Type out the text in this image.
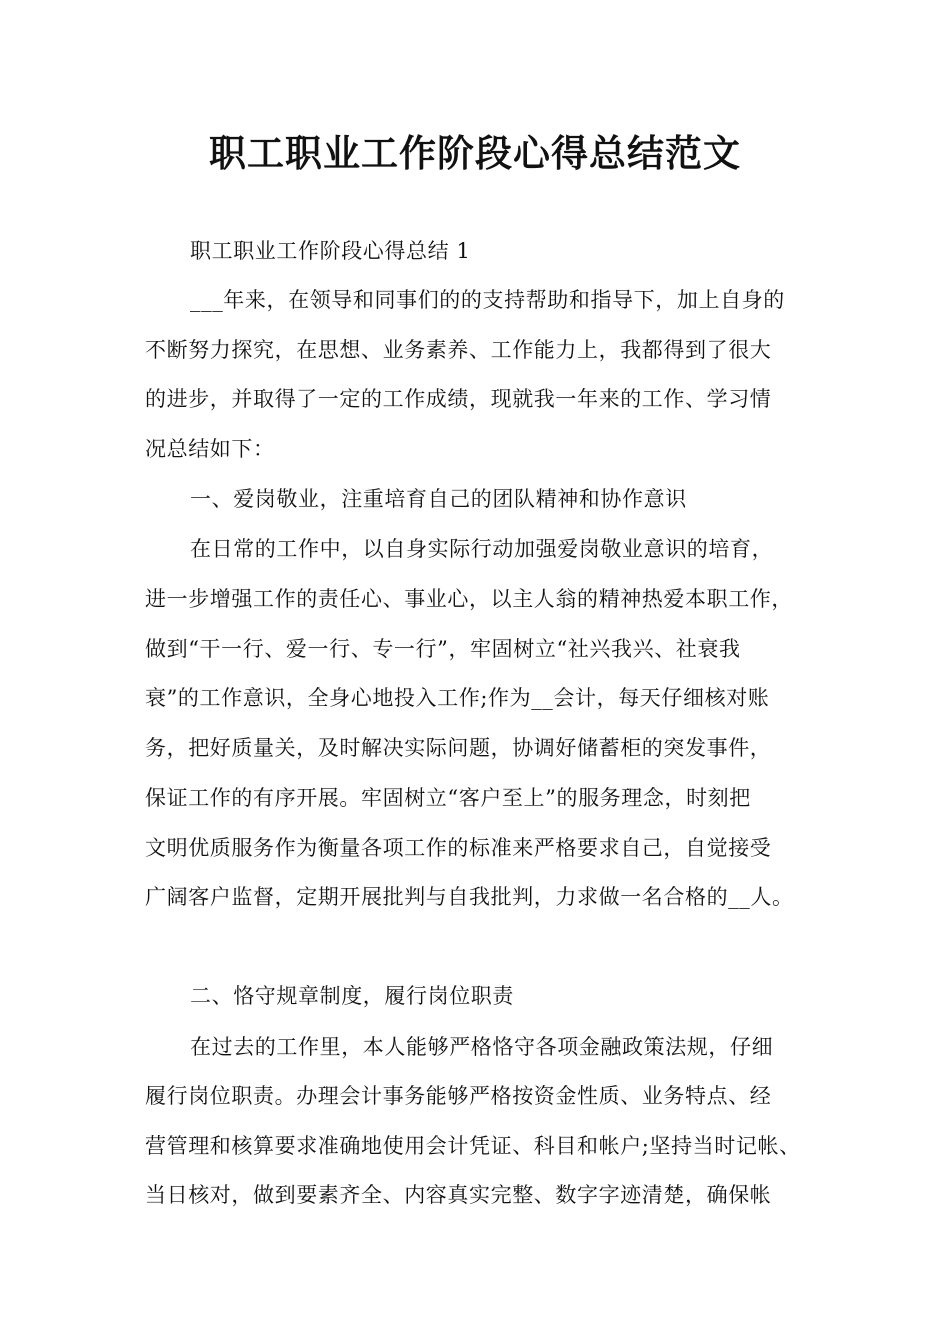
职工职业工作阶段心得总结范文

职工职业工作阶段心得总结 1

___年来，在领导和同事们的的支持帮助和指导下，加上自身的

不断努力探究，在思想、业务素养、工作能力上，我都得到了很大

的进步，并取得了一定的工作成绩，现就我一年来的工作、学习情

况总结如下：

一、爱岗敬业，注重培育自己的团队精神和协作意识

在日常的工作中，以自身实际行动加强爱岗敬业意识的培育，

进一步增强工作的责任心、事业心，以主人翁的精神热爱本职工作，

做到“干一行、爱一行、专一行”，牢固树立“社兴我兴、社衰我

衰”的工作意识，全身心地投入工作;作为__会计，每天仔细核对账

务，把好质量关，及时解决实际问题，协调好储蓄柜的突发事件，

保证工作的有序开展。牢固树立“客户至上”的服务理念，时刻把

文明优质服务作为衡量各项工作的标准来严格要求自己，自觉接受

广阔客户监督，定期开展批判与自我批判，力求做一名合格的__人。

二、恪守规章制度，履行岗位职责

在过去的工作里，本人能够严格恪守各项金融政策法规，仔细

履行岗位职责。办理会计事务能够严格按资金性质、业务特点、经

营管理和核算要求准确地使用会计凭证、科目和帐户;坚持当时记帐、

当日核对，做到要素齐全、内容真实完整、数字字迹清楚，确保帐
